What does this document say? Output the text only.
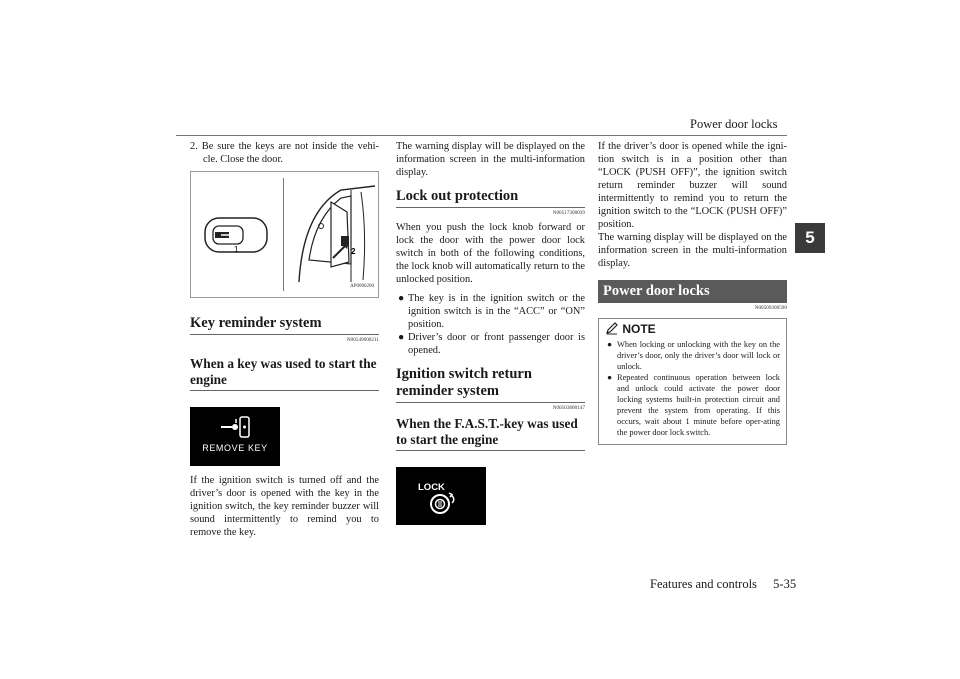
Power door locks
5

2. Be sure the keys are not inside the vehi-cle. Close the door.

1	2
AP0006200
Key reminder system
N00549600211
When a key was used to start the engine
REMOVE KEY

If the ignition switch is turned off and the driver’s door is opened with the key in the ignition switch, the key reminder buzzer will sound intermittently to remind you to remove the key.

The warning display will be displayed on the information screen in the multi-information display.

Lock out protection
N00517300039

When you push the lock knob forward or lock the door with the power door lock switch in both of the following conditions, the lock knob will automatically return to the unlocked position.

● The key is in the ignition switch or the ignition switch is in the “ACC” or “ON” position.
● Driver’s door or front passenger door is opened.
Ignition switch return reminder system
N00503800147
When the F.A.S.T.-key was used to start the engine
LOCK

If the driver’s door is opened while the igni-tion switch is in a position other than “LOCK (PUSH OFF)”, the ignition switch return reminder buzzer will sound intermittently to remind you to return the ignition switch to the “LOCK (PUSH OFF)” position.

The warning display will be displayed on the information screen in the multi-information display.

Power door locks
N00509300590
NOTE
● When locking or unlocking with the key on the driver’s door, only the driver’s door will lock or unlock.
● Repeated continuous operation between lock and unlock could activate the power door locking systems built-in protection circuit and prevent the system from operating. If this occurs, wait about 1 minute before oper-ating the power door lock switch.
Features and controls 5-35
